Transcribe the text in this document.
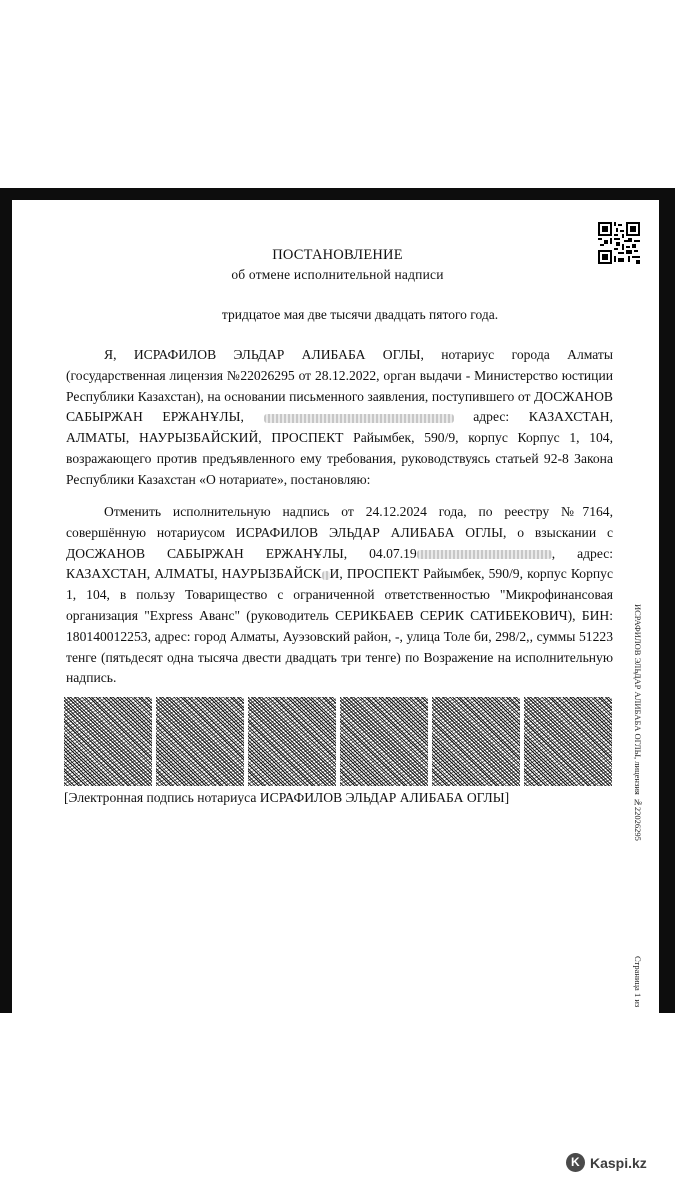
ПОСТАНОВЛЕНИЕ
об отмене исполнительной надписи
тридцатое мая две тысячи двадцать пятого года.
Я, ИСРАФИЛОВ ЭЛЬДАР АЛИБАБА ОГЛЫ, нотариус города Алматы (государственная лицензия №22026295 от 28.12.2022, орган выдачи - Министерство юстиции Республики Казахстан), на основании письменного заявления, поступившего от ДОСЖАНОВ САБЫРЖАН ЕРЖАНҰЛЫ,	адрес: КАЗАХСТАН, АЛМАТЫ, НАУРЫЗБАЙСКИЙ, ПРОСПЕКТ Райымбек, 590/9, корпус Корпус 1, 104, возражающего против предъявленного ему требования, руководствуясь статьей 92-8 Закона Республики Казахстан «О нотариате», постановляю:
Отменить исполнительную надпись от 24.12.2024 года, по реестру №7164, совершённую нотариусом ИСРАФИЛОВ ЭЛЬДАР АЛИБАБА ОГЛЫ, о взыскании с ДОСЖАНОВ САБЫРЖАН ЕРЖАНҰЛЫ, 04.07.19	, адрес: КАЗАХСТАН, АЛМАТЫ, НАУРЫЗБАЙСК И, ПРОСПЕКТ Райымбек, 590/9, корпус Корпус 1, 104, в пользу Товарищество с ограниченной ответственностью "Микрофинансовая организация "Express Аванс" (руководитель СЕРИКБАЕВ СЕРИК САТИБЕКОВИЧ), БИН: 180140012253, адрес: город Алматы, Ауэзовский район, -, улица Толе би, 298/2,, суммы 51223 тенге (пятьдесят одна тысяча двести двадцать три тенге) по Возражение на исполнительную надпись.
[Электронная подпись нотариуса ИСРАФИЛОВ ЭЛЬДАР АЛИБАБА ОГЛЫ]	ИСРАФИЛОВ ЭЛЬДАР АЛИБАБА ОГЛЫ, лицензия №22026295
Страница 1 из
K
Kaspi.kz
